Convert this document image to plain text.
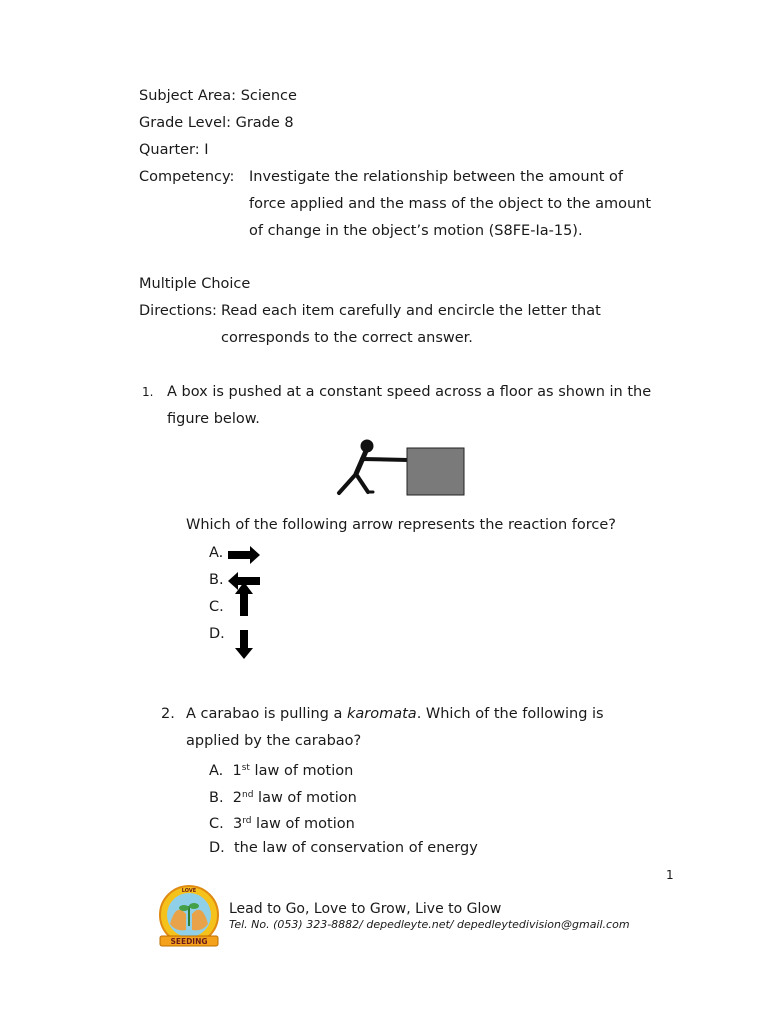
Subject Area: Science
Grade Level: Grade 8
Quarter: I
Competency: Investigate the relationship between the amount of
force applied and the mass of the object to the amount
of change in the object’s motion (S8FE-Ia-15).
Multiple Choice
Directions: Read each item carefully and encircle the letter that
corresponds to the correct answer.
1. A box is pushed at a constant speed across a floor as shown in the
figure below.
Which of the following arrow represents the reaction force?
A.
B.
C.
D.
2. A carabao is pulling a karomata. Which of the following is
applied by the carabao?
A. 1st law of motion
B. 2nd law of motion
C. 3rd law of motion
D. the law of conservation of energy
1
SEEDING
LOVE
Lead to Go, Love to Grow, Live to Glow
Tel. No. (053) 323-8882/ depedleyte.net/ depedleytedivision@gmail.com
